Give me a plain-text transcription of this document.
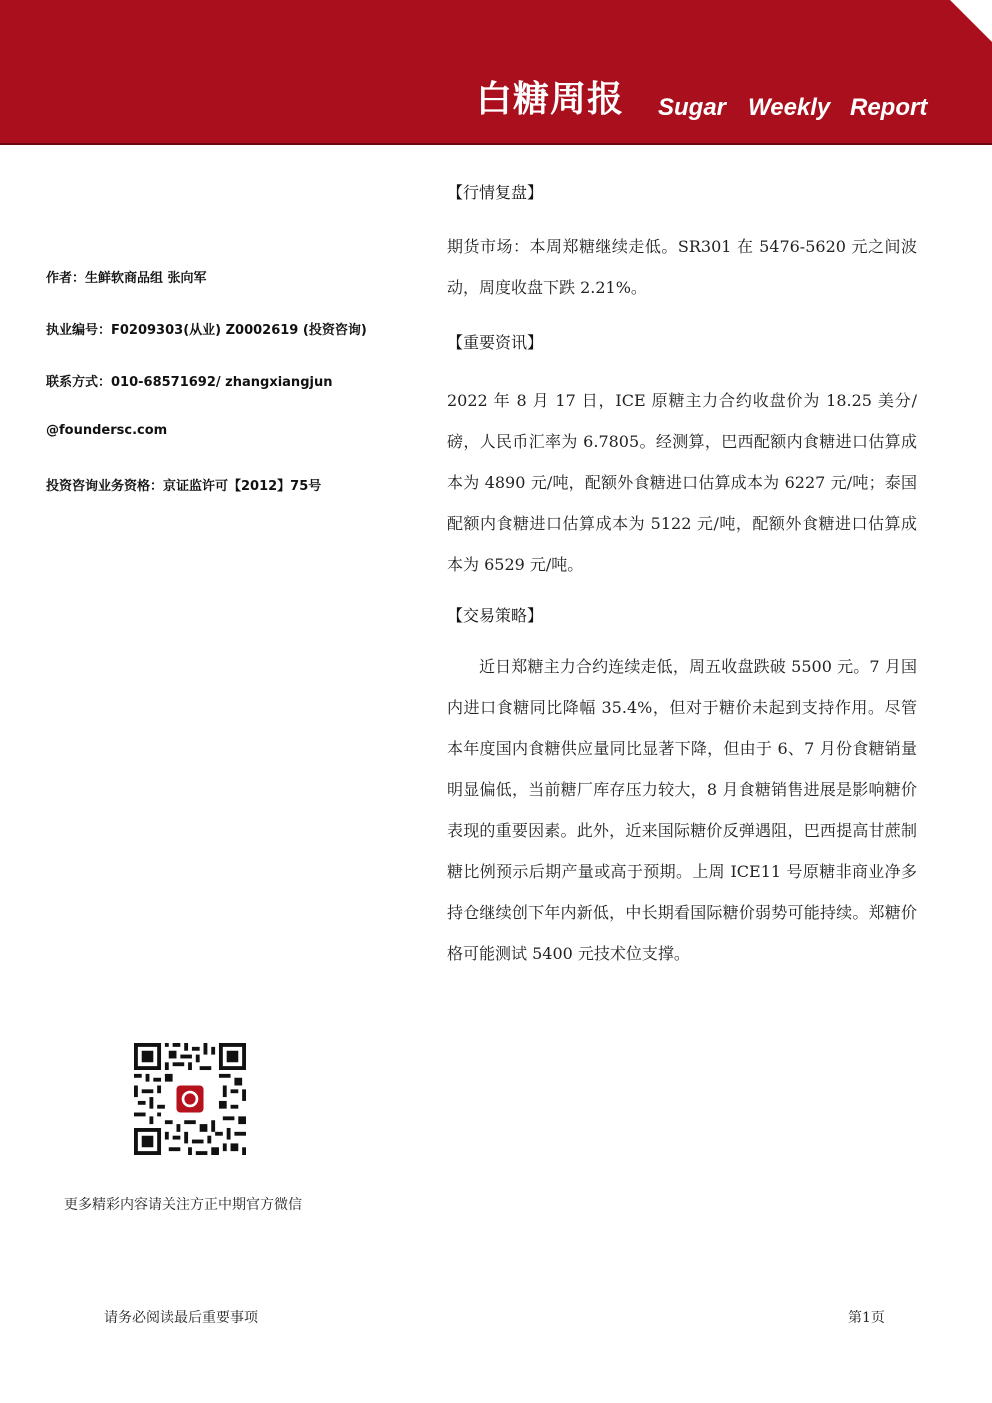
白糖周报 Sugar Weekly Report
作者：生鲜软商品组 张向军
执业编号：F0209303(从业) Z0002619 (投资咨询)
联系方式：010-68571692/ zhangxiangjun
@foundersc.com
投资咨询业务资格：京证监许可【2012】75号
更多精彩内容请关注方正中期官方微信
【行情复盘】
期货市场：本周郑糖继续走低。SR301 在 5476-5620 元之间波动，周度收盘下跌 2.21%。
【重要资讯】
2022 年 8 月 17 日，ICE 原糖主力合约收盘价为 18.25 美分/磅，人民币汇率为 6.7805。经测算，巴西配额内食糖进口估算成本为 4890 元/吨，配额外食糖进口估算成本为 6227 元/吨；泰国配额内食糖进口估算成本为 5122 元/吨，配额外食糖进口估算成本为 6529 元/吨。
【交易策略】
近日郑糖主力合约连续走低，周五收盘跌破 5500 元。7 月国内进口食糖同比降幅 35.4%，但对于糖价未起到支持作用。尽管本年度国内食糖供应量同比显著下降，但由于 6、7 月份食糖销量明显偏低，当前糖厂库存压力较大，8 月食糖销售进展是影响糖价表现的重要因素。此外，近来国际糖价反弹遇阻，巴西提高甘蔗制糖比例预示后期产量或高于预期。上周 ICE11 号原糖非商业净多持仓继续创下年内新低，中长期看国际糖价弱势可能持续。郑糖价格可能测试 5400 元技术位支撑。
请务必阅读最后重要事项	第1页
